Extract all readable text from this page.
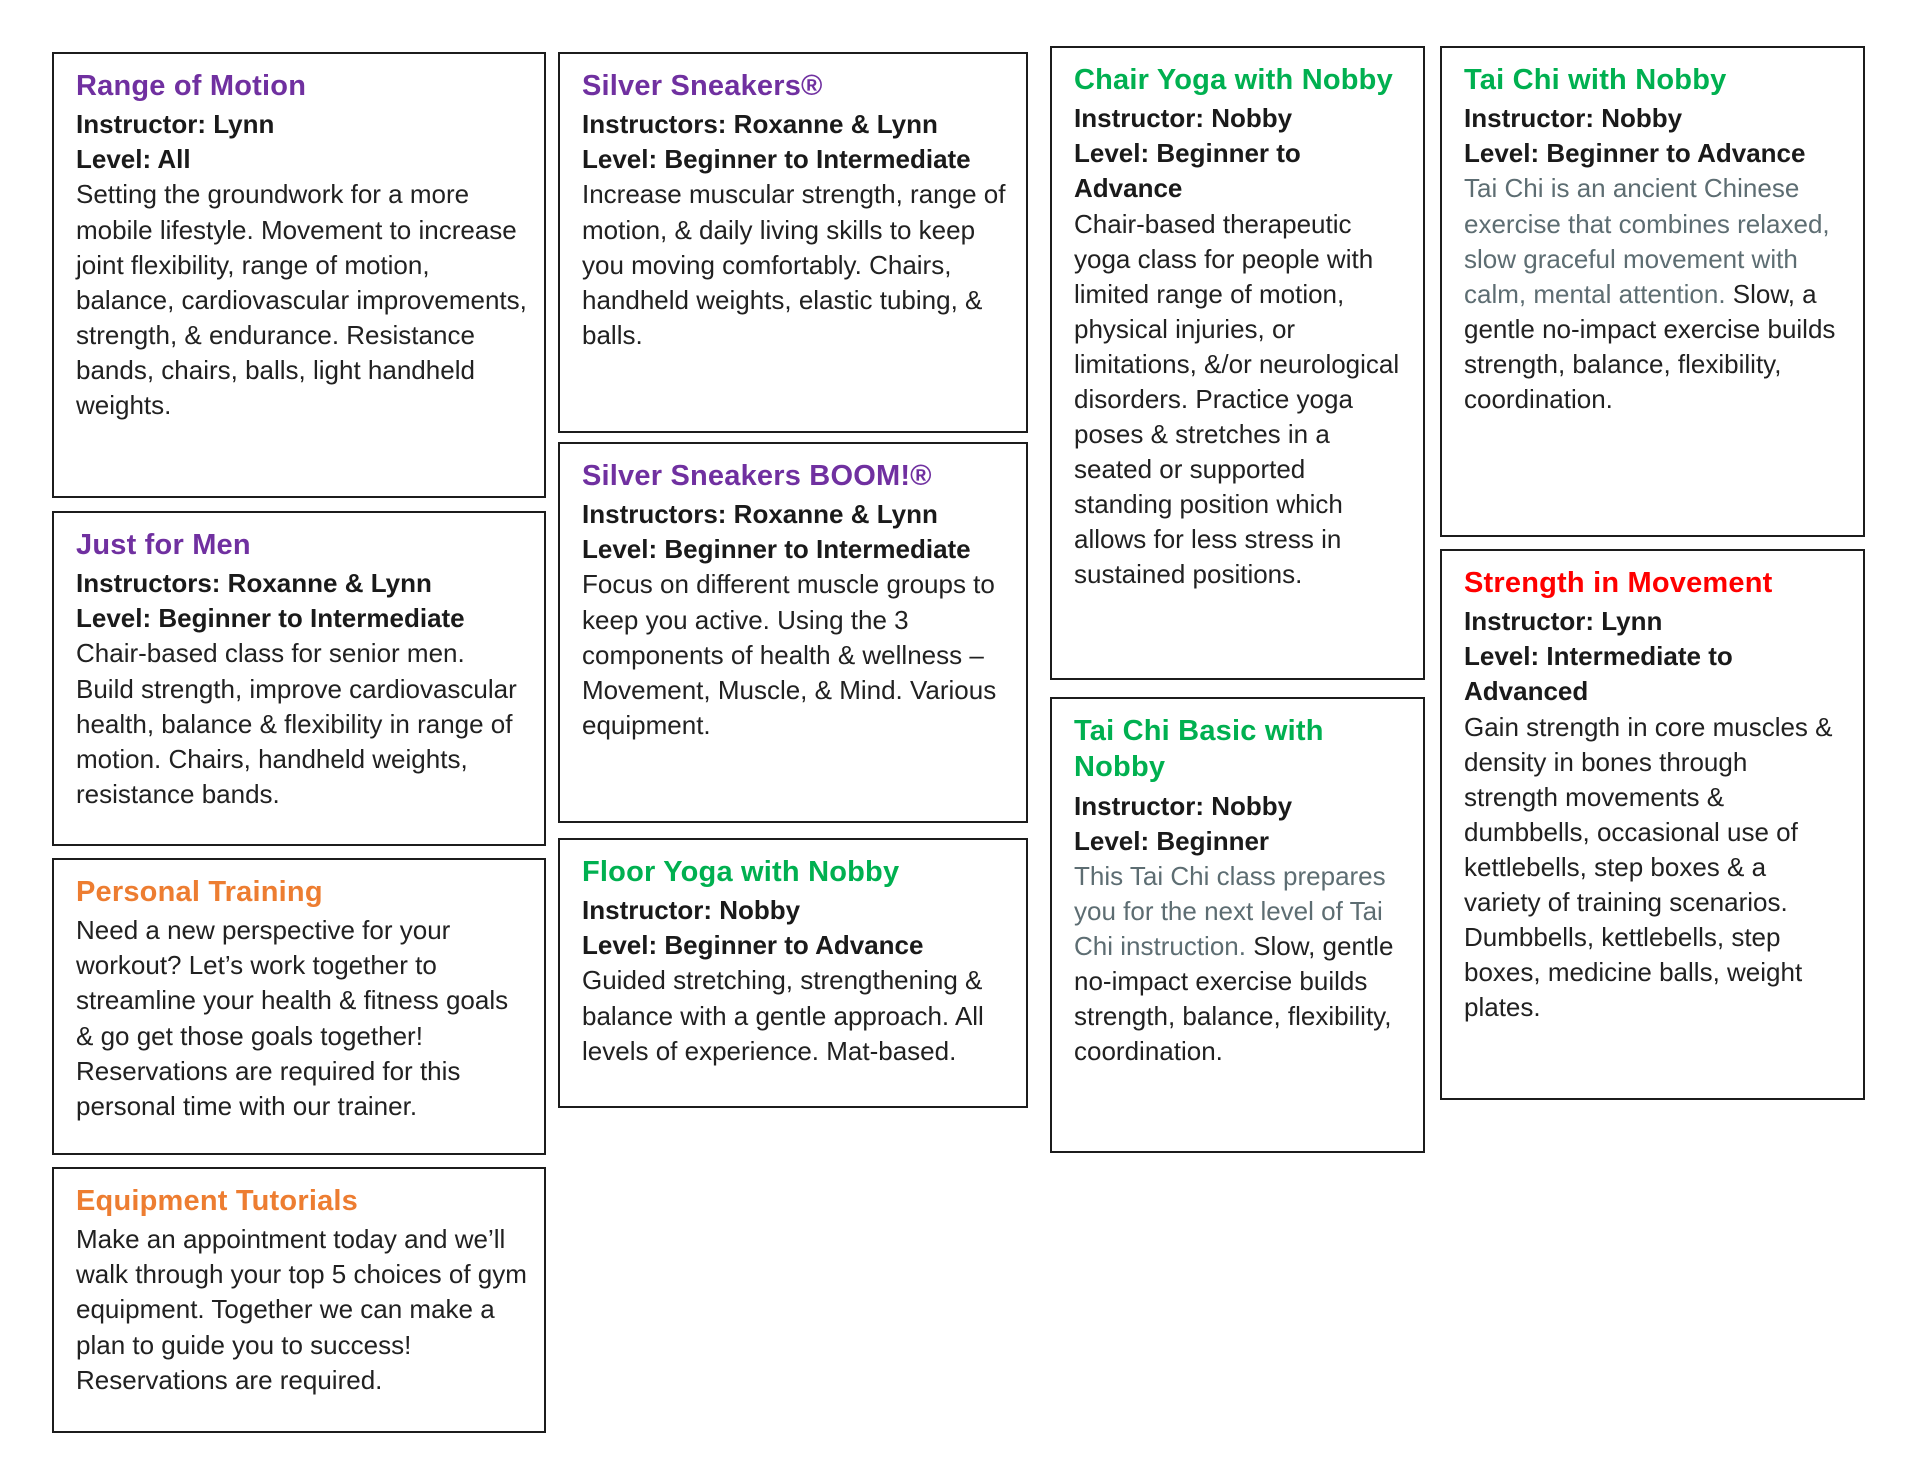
Range of Motion

Instructor: Lynn

Level: All

Setting the groundwork for a more mobile lifestyle. Movement to increase joint flexibility, range of motion, balance, cardiovascular improvements, strength, & endurance. Resistance bands, chairs, balls, light handheld weights.

Just for Men

Instructors: Roxanne & Lynn

Level: Beginner to Intermediate

Chair-based class for senior men. Build strength, improve cardiovascular health, balance & flexibility in range of motion. Chairs, handheld weights, resistance bands.

Personal Training

Need a new perspective for your workout? Let’s work together to streamline your health & fitness goals & go get those goals together! Reservations are required for this personal time with our trainer.

Equipment Tutorials

Make an appointment today and we’ll walk through your top 5 choices of gym equipment. Together we can make a plan to guide you to success! Reservations are required.

Silver Sneakers®

Instructors: Roxanne & Lynn

Level: Beginner to Intermediate

Increase muscular strength, range of motion, & daily living skills to keep you moving comfortably. Chairs, handheld weights, elastic tubing, & balls.

Silver Sneakers BOOM!®

Instructors: Roxanne & Lynn

Level: Beginner to Intermediate

Focus on different muscle groups to keep you active. Using the 3 components of health & wellness – Movement, Muscle, & Mind. Various equipment.

Floor Yoga with Nobby

Instructor: Nobby

Level: Beginner to Advance

Guided stretching, strengthening & balance with a gentle approach. All levels of experience. Mat-based.

Chair Yoga with Nobby

Instructor: Nobby

Level: Beginner to Advance

Chair-based therapeutic yoga class for people with limited range of motion, physical injuries, or limitations, &/or neurological disorders. Practice yoga poses & stretches in a seated or supported standing position which allows for less stress in sustained positions.

Tai Chi Basic with Nobby

Instructor: Nobby

Level: Beginner

This Tai Chi class prepares you for the next level of Tai Chi instruction. Slow, gentle no-impact exercise builds strength, balance, flexibility, coordination.

Tai Chi with Nobby

Instructor: Nobby

Level: Beginner to Advance

Tai Chi is an ancient Chinese exercise that combines relaxed, slow graceful movement with calm, mental attention. Slow, a gentle no-impact exercise builds strength, balance, flexibility, coordination.

Strength in Movement

Instructor: Lynn

Level: Intermediate to Advanced

Gain strength in core muscles & density in bones through strength movements & dumbbells, occasional use of kettlebells, step boxes & a variety of training scenarios.

Dumbbells, kettlebells, step boxes, medicine balls, weight plates.
